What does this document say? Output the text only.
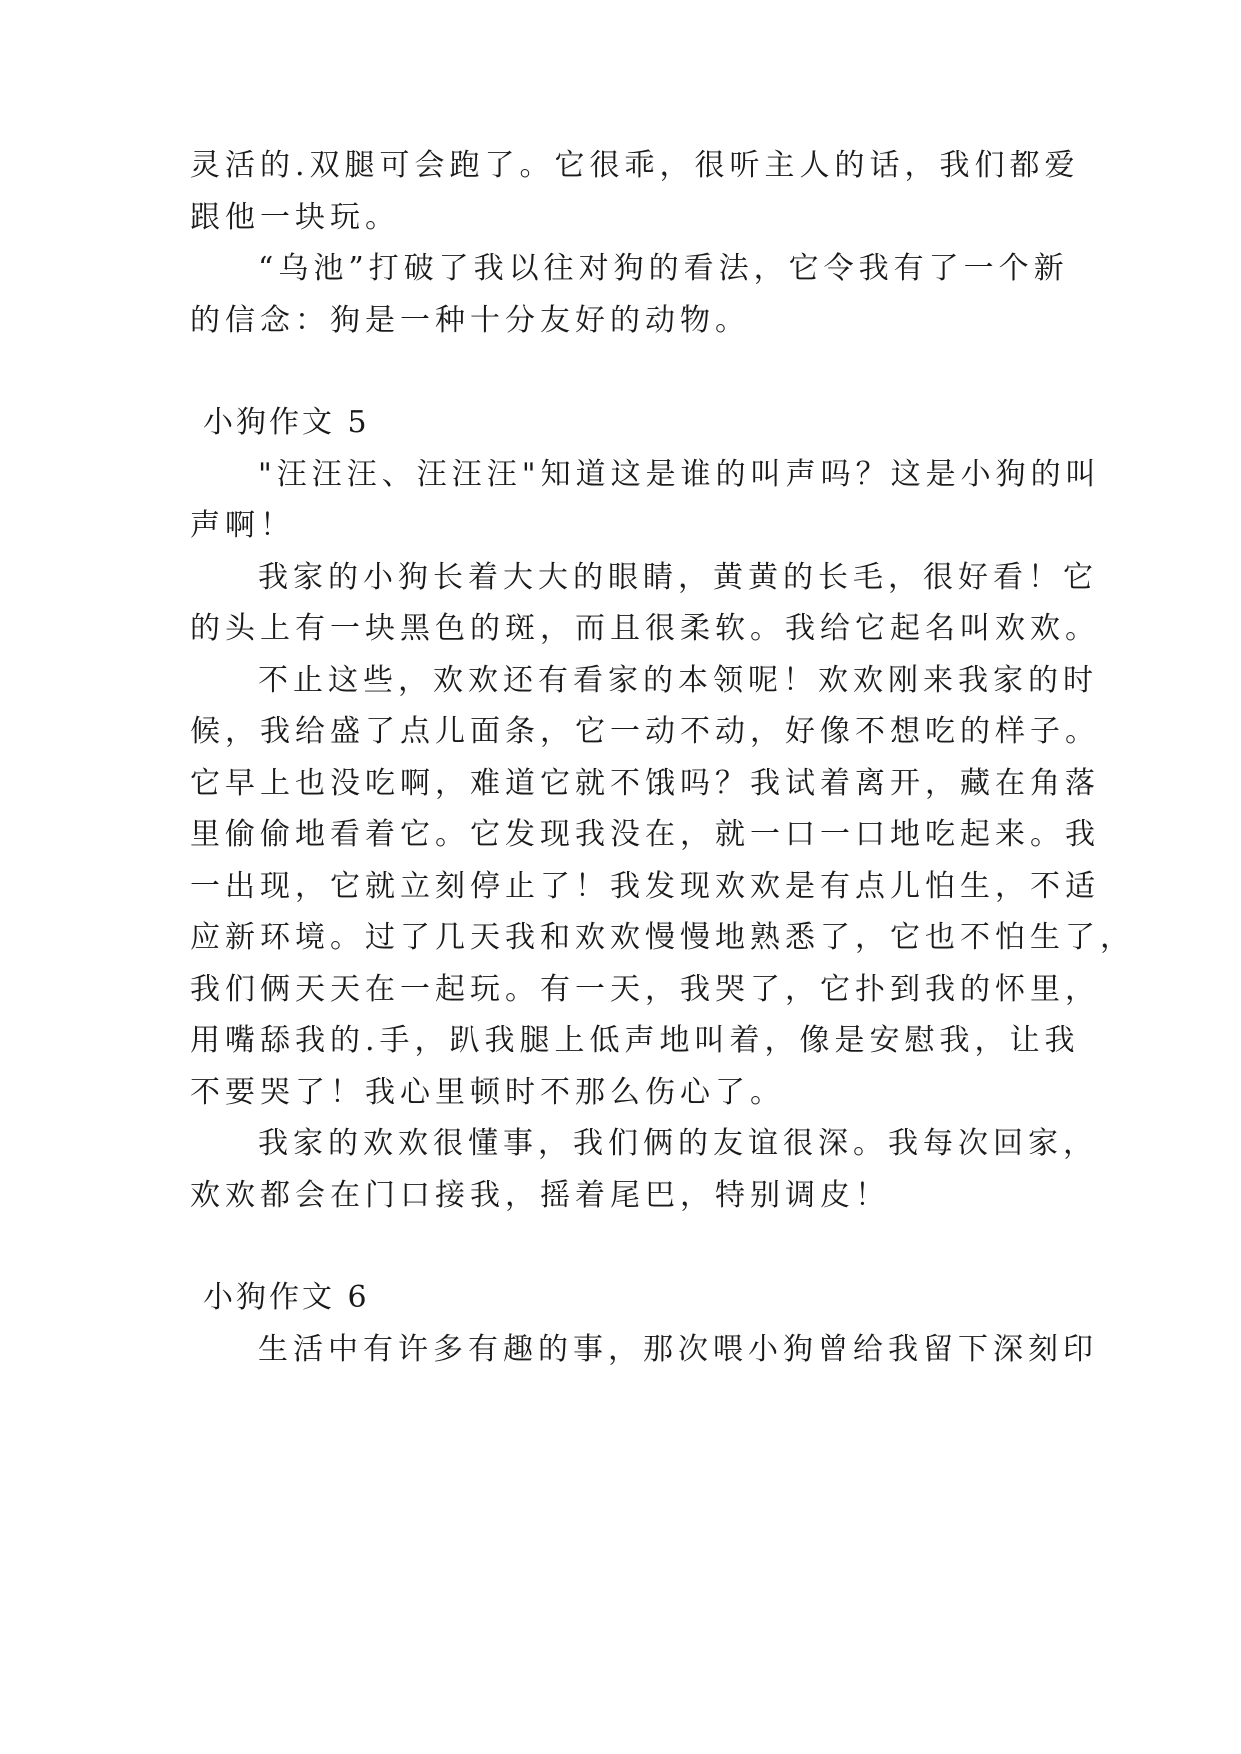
灵活的.双腿可会跑了。它很乖，很听主人的话，我们都爱
跟他一块玩。
“乌池”打破了我以往对狗的看法，它令我有了一个新
的信念：狗是一种十分友好的动物。
小狗作文 5
"汪汪汪、汪汪汪"知道这是谁的叫声吗？这是小狗的叫
声啊！
我家的小狗长着大大的眼睛，黄黄的长毛，很好看！它
的头上有一块黑色的斑，而且很柔软。我给它起名叫欢欢。
不止这些，欢欢还有看家的本领呢！欢欢刚来我家的时
候，我给盛了点儿面条，它一动不动，好像不想吃的样子。
它早上也没吃啊，难道它就不饿吗？我试着离开，藏在角落
里偷偷地看着它。它发现我没在，就一口一口地吃起来。我
一出现，它就立刻停止了！我发现欢欢是有点儿怕生，不适
应新环境。过了几天我和欢欢慢慢地熟悉了，它也不怕生了，
我们俩天天在一起玩。有一天，我哭了，它扑到我的怀里，
用嘴舔我的.手，趴我腿上低声地叫着，像是安慰我，让我
不要哭了！我心里顿时不那么伤心了。
我家的欢欢很懂事，我们俩的友谊很深。我每次回家，
欢欢都会在门口接我，摇着尾巴，特别调皮！
小狗作文 6
生活中有许多有趣的事，那次喂小狗曾给我留下深刻印
